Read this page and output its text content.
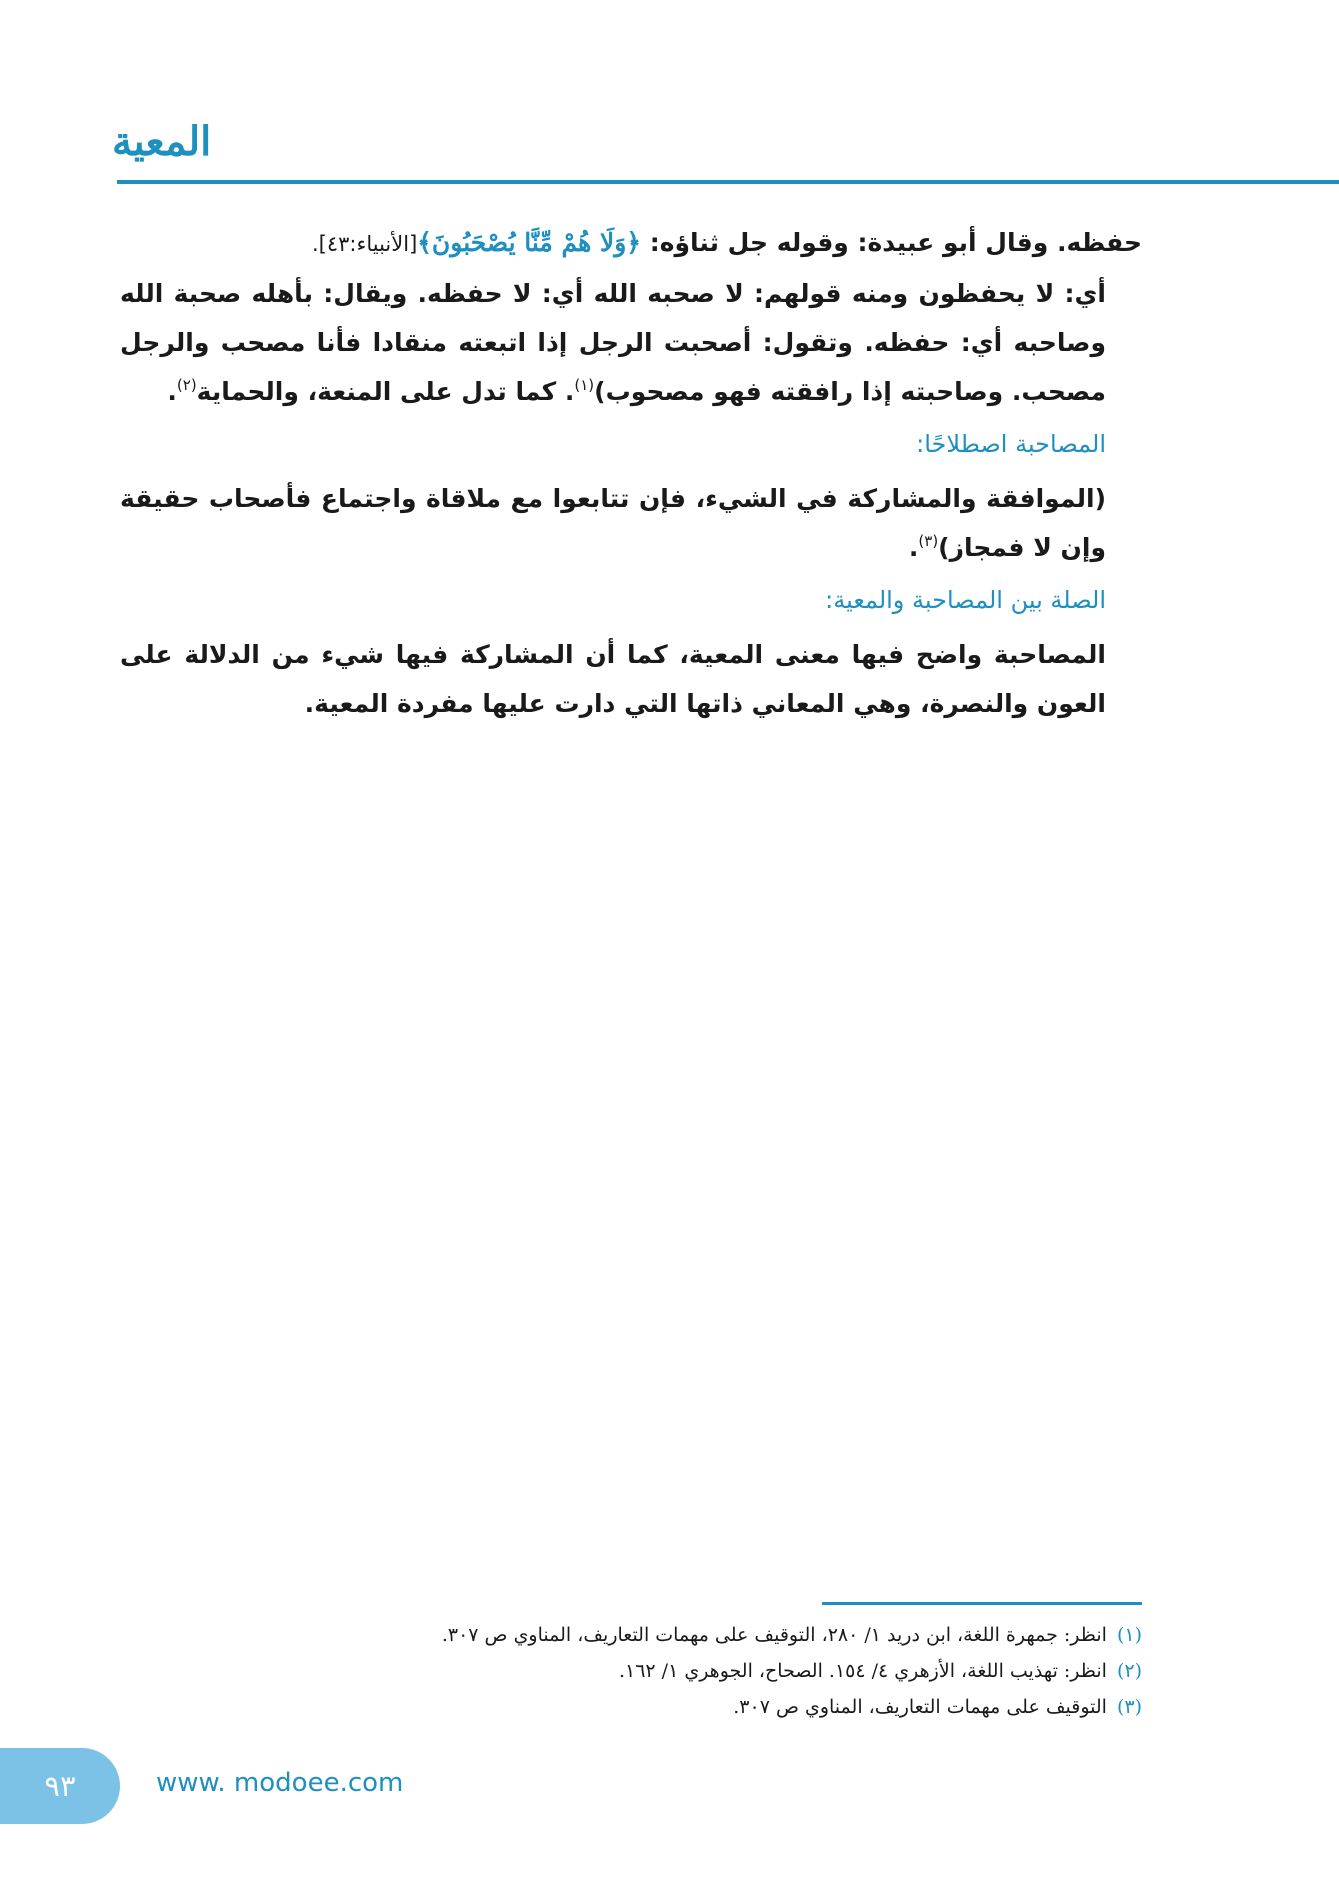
المعية

حفظه. وقال أبو عبيدة: وقوله جل ثناؤه: ﴿وَلَا هُمْ مِّنَّا يُصْحَبُونَ﴾[الأنبياء:٤٣].

أي: لا يحفظون ومنه قولهم: لا صحبه الله أي: لا حفظه. ويقال: بأهله صحبة الله وصاحبه أي: حفظه. وتقول: أصحبت الرجل إذا اتبعته منقادا فأنا مصحب والرجل مصحب. وصاحبته إذا رافقته فهو مصحوب)$^{(١)}$. كما تدل على المنعة، والحماية$^{(٢)}$.

المصاحبة اصطلاحًا:

(الموافقة والمشاركة في الشيء، فإن تتابعوا مع ملاقاة واجتماع فأصحاب حقيقة وإن لا فمجاز)$^{(٣)}$.

الصلة بين المصاحبة والمعية:

المصاحبة واضح فيها معنى المعية، كما أن المشاركة فيها شيء من الدلالة على العون والنصرة، وهي المعاني ذاتها التي دارت عليها مفردة المعية.

(١)انظر: جمهرة اللغة، ابن دريد ١/ ٢٨٠، التوقيف على مهمات التعاريف، المناوي ص ٣٠٧.
(٢)انظر: تهذيب اللغة، الأزهري ٤/ ١٥٤. الصحاح، الجوهري ١/ ١٦٢.
(٣)التوقيف على مهمات التعاريف، المناوي ص ٣٠٧.
٩٣	www. modoee.com
